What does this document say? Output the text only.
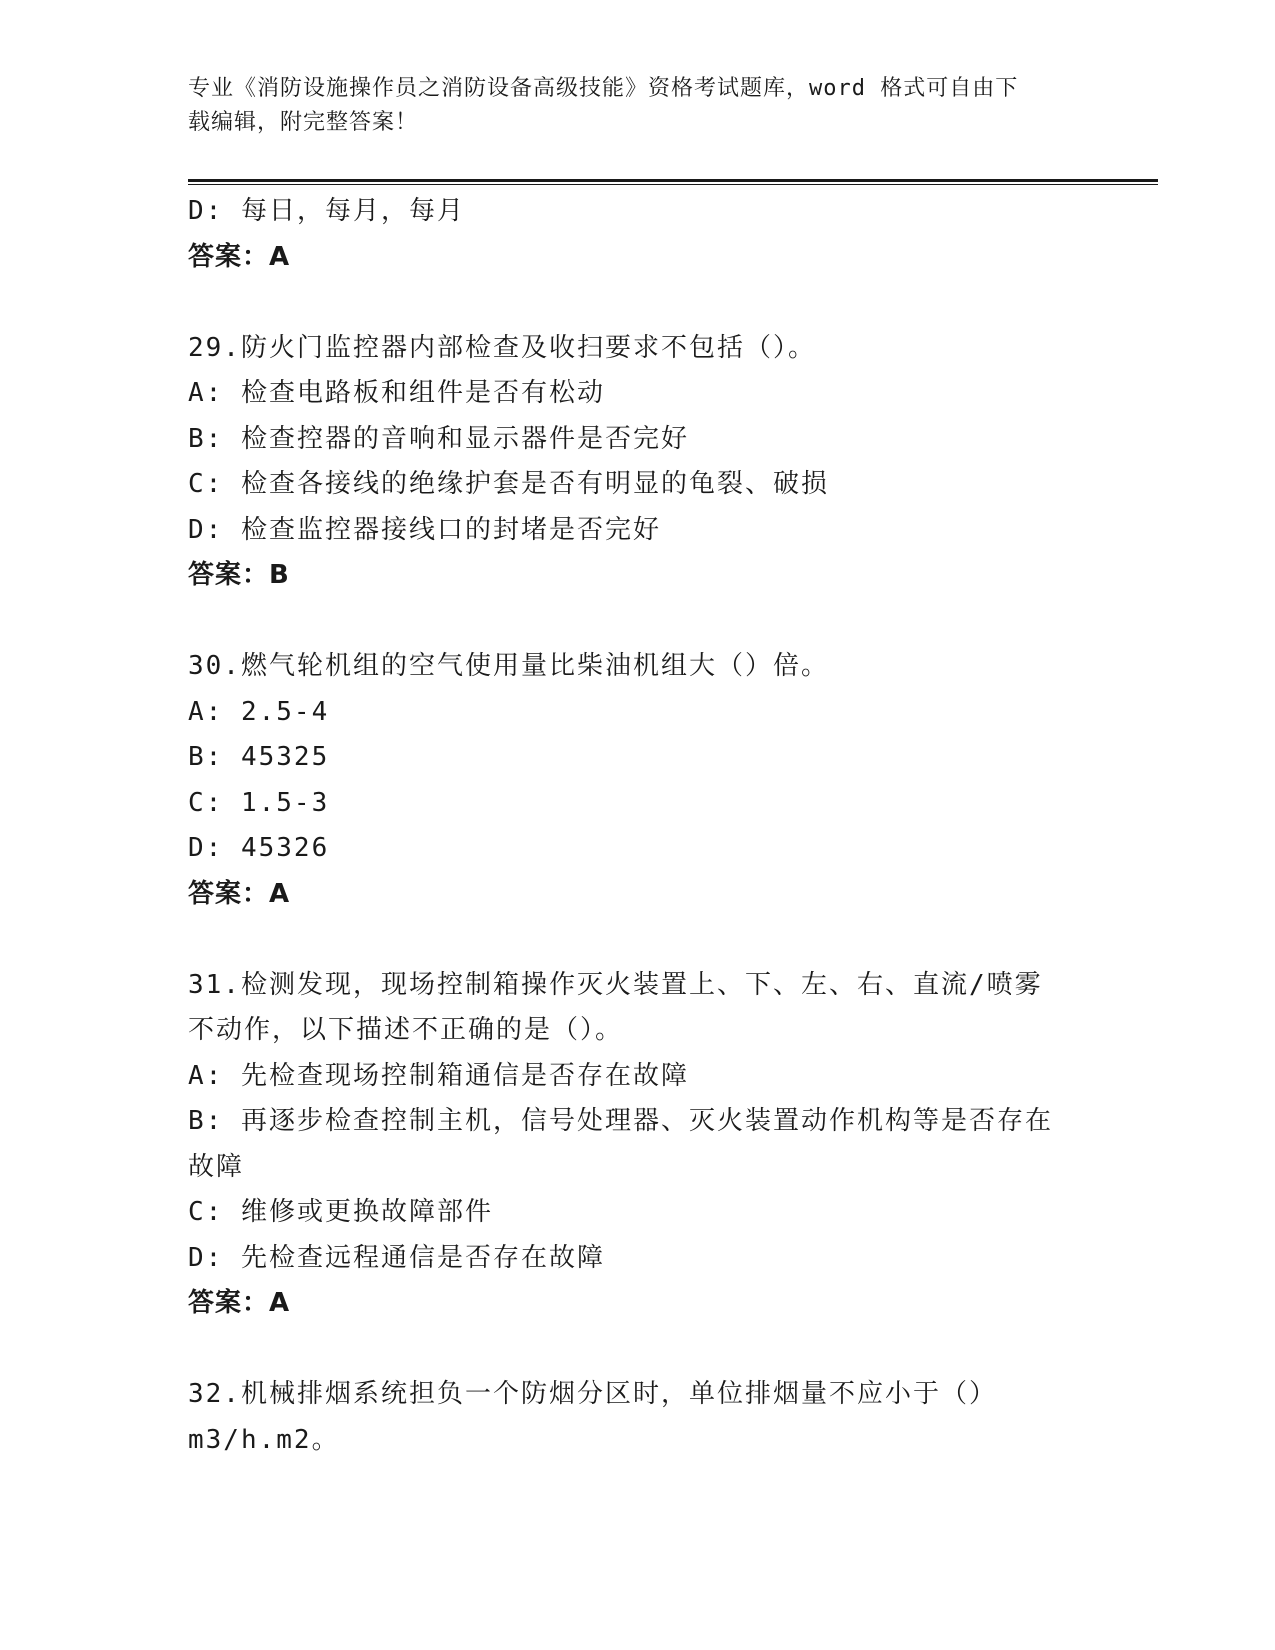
专业《消防设施操作员之消防设备高级技能》资格考试题库，word 格式可自由下
载编辑，附完整答案！
D: 每日，每月，每月
答案：A
29.防火门监控器内部检查及收扫要求不包括（）。
A: 检查电路板和组件是否有松动
B: 检查控器的音响和显示器件是否完好
C: 检查各接线的绝缘护套是否有明显的龟裂、破损
D: 检查监控器接线口的封堵是否完好
答案：B
30.燃气轮机组的空气使用量比柴油机组大（）倍。
A: 2.5-4
B: 45325
C: 1.5-3
D: 45326
答案：A
31.检测发现，现场控制箱操作灭火装置上、下、左、右、直流/喷雾
不动作，以下描述不正确的是（）。
A: 先检查现场控制箱通信是否存在故障
B: 再逐步检查控制主机，信号处理器、灭火装置动作机构等是否存在
故障
C: 维修或更换故障部件
D: 先检查远程通信是否存在故障
答案：A
32.机械排烟系统担负一个防烟分区时，单位排烟量不应小于（）
m3/h.m2。
